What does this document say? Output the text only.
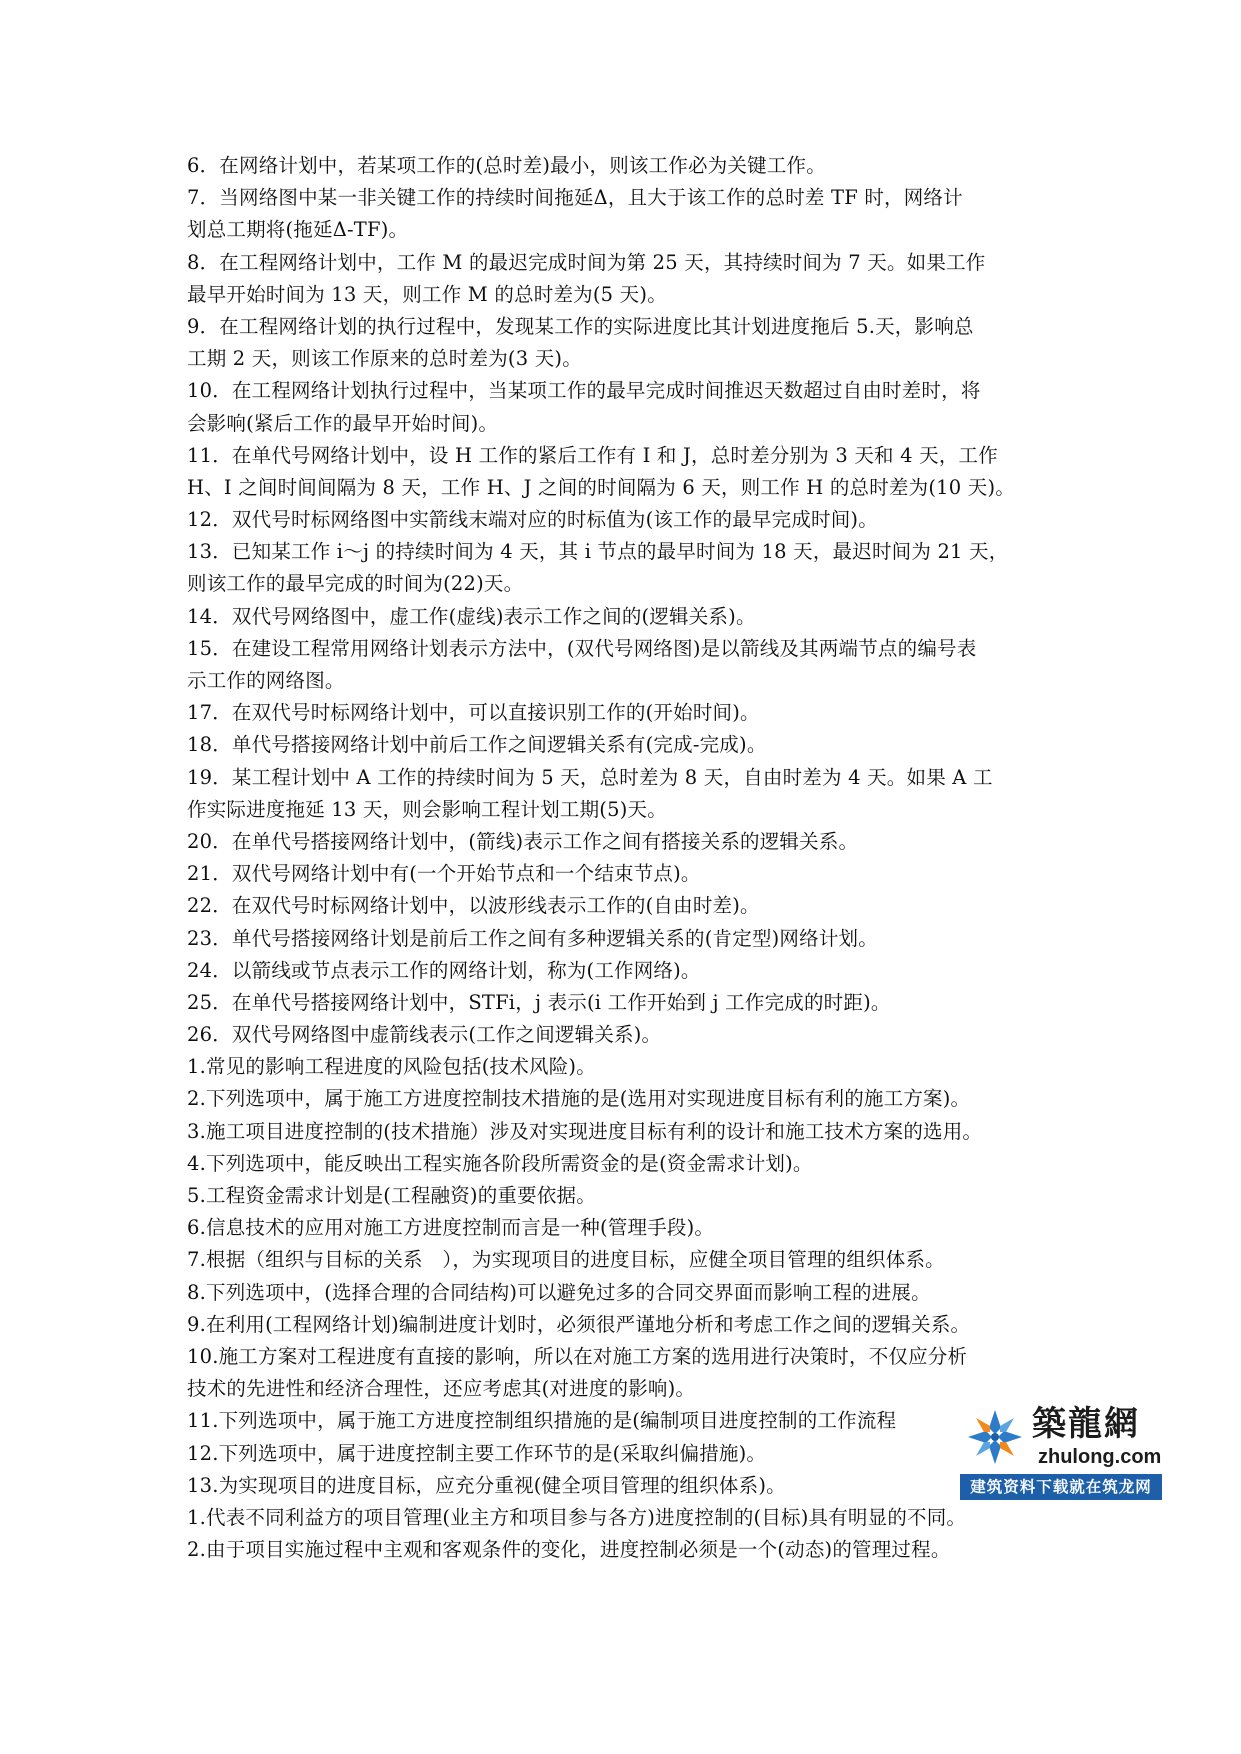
6．在网络计划中，若某项工作的(总时差)最小，则该工作必为关键工作。
7．当网络图中某一非关键工作的持续时间拖延Δ，且大于该工作的总时差 TF 时，网络计
划总工期将(拖延Δ-TF)。
8．在工程网络计划中，工作 M 的最迟完成时间为第 25 天，其持续时间为 7 天。如果工作
最早开始时间为 13 天，则工作 M 的总时差为(5 天)。
9．在工程网络计划的执行过程中，发现某工作的实际进度比其计划进度拖后 5.天，影响总
工期 2 天，则该工作原来的总时差为(3 天)。
10．在工程网络计划执行过程中，当某项工作的最早完成时间推迟天数超过自由时差时，将
会影响(紧后工作的最早开始时间)。
11．在单代号网络计划中，设 H 工作的紧后工作有 I 和 J，总时差分别为 3 天和 4 天，工作
H、I 之间时间间隔为 8 天，工作 H、J 之间的时间隔为 6 天，则工作 H 的总时差为(10 天)。
12．双代号时标网络图中实箭线末端对应的时标值为(该工作的最早完成时间)。
13．已知某工作 i～j 的持续时间为 4 天，其 i 节点的最早时间为 18 天，最迟时间为 21 天，
则该工作的最早完成的时间为(22)天。
14．双代号网络图中，虚工作(虚线)表示工作之间的(逻辑关系)。
15．在建设工程常用网络计划表示方法中，(双代号网络图)是以箭线及其两端节点的编号表
示工作的网络图。
17．在双代号时标网络计划中，可以直接识别工作的(开始时间)。
18．单代号搭接网络计划中前后工作之间逻辑关系有(完成-完成)。
19．某工程计划中 A 工作的持续时间为 5 天，总时差为 8 天，自由时差为 4 天。如果 A 工
作实际进度拖延 13 天，则会影响工程计划工期(5)天。
20．在单代号搭接网络计划中，(箭线)表示工作之间有搭接关系的逻辑关系。
21．双代号网络计划中有(一个开始节点和一个结束节点)。
22．在双代号时标网络计划中，以波形线表示工作的(自由时差)。
23．单代号搭接网络计划是前后工作之间有多种逻辑关系的(肯定型)网络计划。
24．以箭线或节点表示工作的网络计划，称为(工作网络)。
25．在单代号搭接网络计划中，STFi，j 表示(i 工作开始到 j 工作完成的时距)。
26．双代号网络图中虚箭线表示(工作之间逻辑关系)。
1.常见的影响工程进度的风险包括(技术风险)。
2.下列选项中，属于施工方进度控制技术措施的是(选用对实现进度目标有利的施工方案)。
3.施工项目进度控制的(技术措施）涉及对实现进度目标有利的设计和施工技术方案的选用。
4.下列选项中，能反映出工程实施各阶段所需资金的是(资金需求计划)。
5.工程资金需求计划是(工程融资)的重要依据。
6.信息技术的应用对施工方进度控制而言是一种(管理手段)。
7.根据（组织与目标的关系　），为实现项目的进度目标，应健全项目管理的组织体系。
8.下列选项中，(选择合理的合同结构)可以避免过多的合同交界面而影响工程的进展。
9.在利用(工程网络计划)编制进度计划时，必须很严谨地分析和考虑工作之间的逻辑关系。
10.施工方案对工程进度有直接的影响，所以在对施工方案的选用进行决策时，不仅应分析
技术的先进性和经济合理性，还应考虑其(对进度的影响)。
11.下列选项中，属于施工方进度控制组织措施的是(编制项目进度控制的工作流程
12.下列选项中，属于进度控制主要工作环节的是(采取纠偏措施)。
13.为实现项目的进度目标，应充分重视(健全项目管理的组织体系)。
1.代表不同利益方的项目管理(业主方和项目参与各方)进度控制的(目标)具有明显的不同。
2.由于项目实施过程中主观和客观条件的变化，进度控制必须是一个(动态)的管理过程。
築龍網
zhulong.com
建筑资料下载就在筑龙网
